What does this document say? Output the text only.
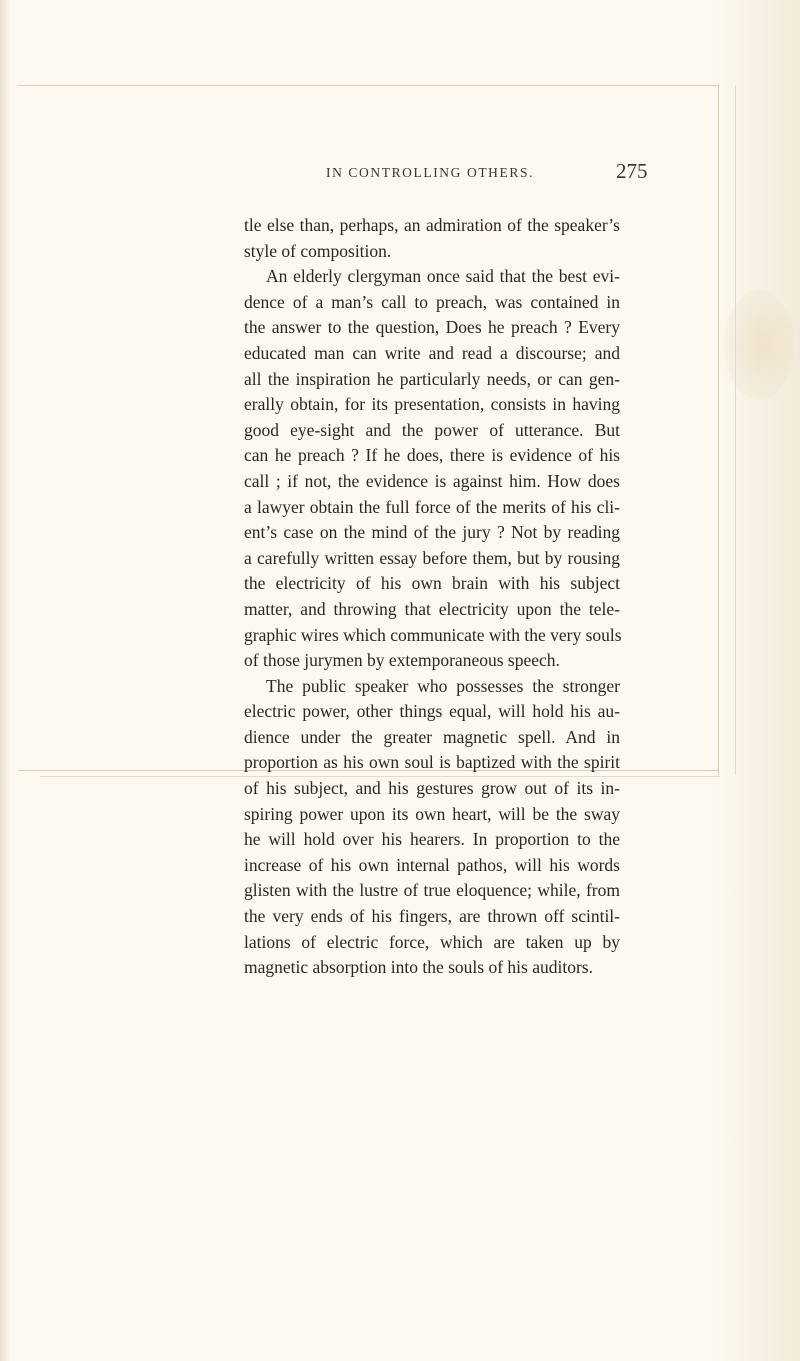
IN CONTROLLING OTHERS.	275
tle else than, perhaps, an admiration of the speaker’s
style of composition.
An elderly clergyman once said that the best evi-
dence of a man’s call to preach, was contained in
the answer to the question, Does he preach ? Every
educated man can write and read a discourse; and
all the inspiration he particularly needs, or can gen-
erally obtain, for its presentation, consists in having
good eye-sight and the power of utterance. But
can he preach ? If he does, there is evidence of his
call ; if not, the evidence is against him. How does
a lawyer obtain the full force of the merits of his cli-
ent’s case on the mind of the jury ? Not by reading
a carefully written essay before them, but by rousing
the electricity of his own brain with his subject
matter, and throwing that electricity upon the tele-
graphic wires which communicate with the very souls
of those jurymen by extemporaneous speech.
The public speaker who possesses the stronger
electric power, other things equal, will hold his au-
dience under the greater magnetic spell. And in
proportion as his own soul is baptized with the spirit
of his subject, and his gestures grow out of its in-
spiring power upon its own heart, will be the sway
he will hold over his hearers. In proportion to the
increase of his own internal pathos, will his words
glisten with the lustre of true eloquence; while, from
the very ends of his fingers, are thrown off scintil-
lations of electric force, which are taken up by
magnetic absorption into the souls of his auditors.
